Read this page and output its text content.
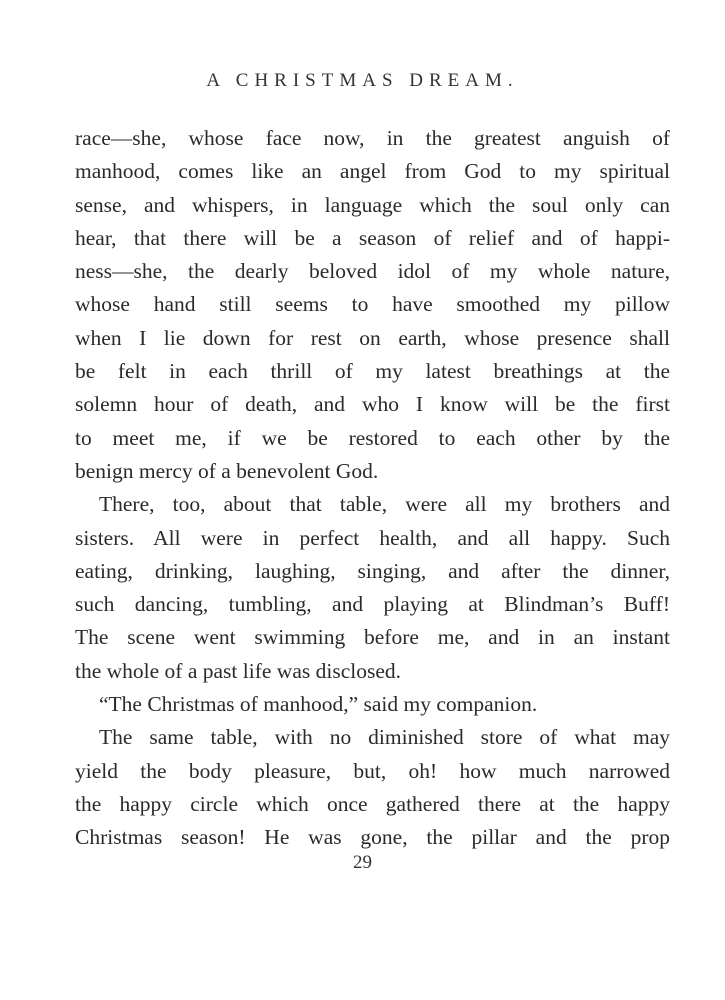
A CHRISTMAS DREAM.
race—she, whose face now, in the greatest anguish of
manhood, comes like an angel from God to my spiritual
sense, and whispers, in language which the soul only can
hear, that there will be a season of relief and of happi-
ness—she, the dearly beloved idol of my whole nature,
whose hand still seems to have smoothed my pillow
when I lie down for rest on earth, whose presence shall
be felt in each thrill of my latest breathings at the
solemn hour of death, and who I know will be the first
to meet me, if we be restored to each other by the
benign mercy of a benevolent God.
There, too, about that table, were all my brothers and
sisters. All were in perfect health, and all happy. Such
eating, drinking, laughing, singing, and after the dinner,
such dancing, tumbling, and playing at Blindman’s Buff!
The scene went swimming before me, and in an instant
the whole of a past life was disclosed.
“The Christmas of manhood,” said my companion.
The same table, with no diminished store of what may
yield the body pleasure, but, oh! how much narrowed
the happy circle which once gathered there at the happy
Christmas season! He was gone, the pillar and the prop
29
